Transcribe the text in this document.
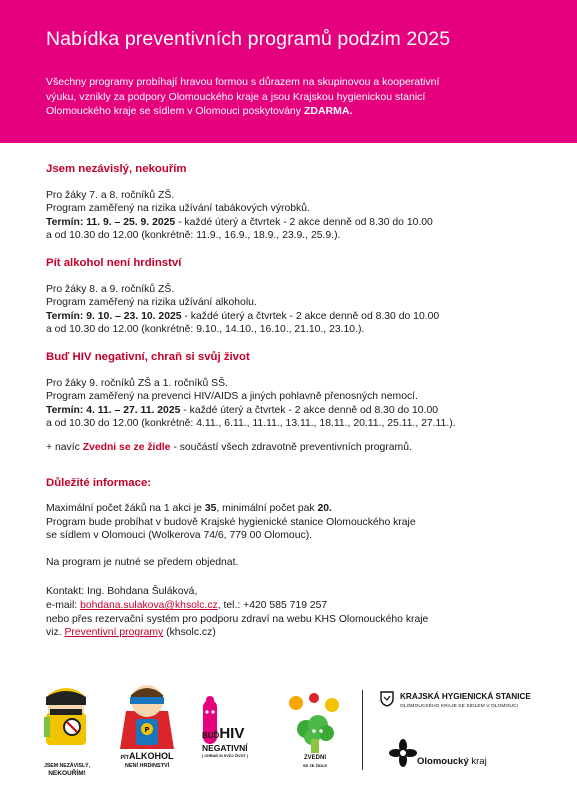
Nabídka preventivních programů podzim 2025
Všechny programy probíhají hravou formou s důrazem na skupinovou a kooperativní
výuku, vznikly za podpory Olomouckého kraje a jsou Krajskou hygienickou stanicí
Olomouckého kraje se sídlem v Olomouci poskytovány ZDARMA.
Jsem nezávislý, nekouřím
Pro žáky 7. a 8. ročníků ZŠ.
Program zaměřený na rizika užívání tabákových výrobků.
Termín: 11. 9. – 25. 9. 2025 - každé úterý a čtvrtek - 2 akce denně od 8.30 do 10.00
a od 10.30 do 12.00 (konkrétně: 11.9., 16.9., 18.9., 23.9., 25.9.).
Pít alkohol není hrdinství
Pro žáky 8. a 9. ročníků ZŠ.
Program zaměřený na rizika užívání alkoholu.
Termín: 9. 10. – 23. 10. 2025 - každé úterý a čtvrtek - 2 akce denně od 8.30 do 10.00
a od 10.30 do 12.00 (konkrétně: 9.10., 14.10., 16.10., 21.10., 23.10.).
Buď HIV negativní, chraň si svůj život
Pro žáky 9. ročníků ZŠ a 1. ročníků SŠ.
Program zaměřený na prevenci HIV/AIDS a jiných pohlavně přenosných nemocí.
Termín: 4. 11. – 27. 11. 2025 - každé úterý a čtvrtek - 2 akce denně od 8.30 do 10.00
a od 10.30 do 12.00 (konkrétně: 4.11., 6.11., 11.11., 13.11., 18.11., 20.11., 25.11., 27.11.).
+ navíc Zvedni se ze židle - součástí všech zdravotně preventivních programů.
Důležité informace:
Maximální počet žáků na 1 akci je 35, minimální počet pak 20.
Program bude probíhat v budově Krajské hygienické stanice Olomouckého kraje
se sídlem v Olomouci (Wolkerova 74/6, 779 00 Olomouc).
Na program je nutné se předem objednat.
Kontakt: Ing. Bohdana Šuláková,
e-mail: bohdana.sulakova@khsolc.cz, tel.: +420 585 719 257
nebo přes rezervační systém pro podporu zdraví na webu KHS Olomouckého kraje
viz. Preventivní programy (khsolc.cz)
JSEM NEZÁVISLÝ,
NEKOUŘÍM!
P
PÍTALKOHOL
NENÍ HRDINSTVÍ
BUĎHIV
NEGATIVNÍ
( CHRAŇ SI SVŮJ ŽIVOT )	ZVEDNI
SE ZE ŽIDLE
KRAJSKÁ HYGIENICKÁ STANICE
OLOMOUCKÉHO KRAJE SE SÍDLEM V OLOMOUCI
Olomoucký kraj
